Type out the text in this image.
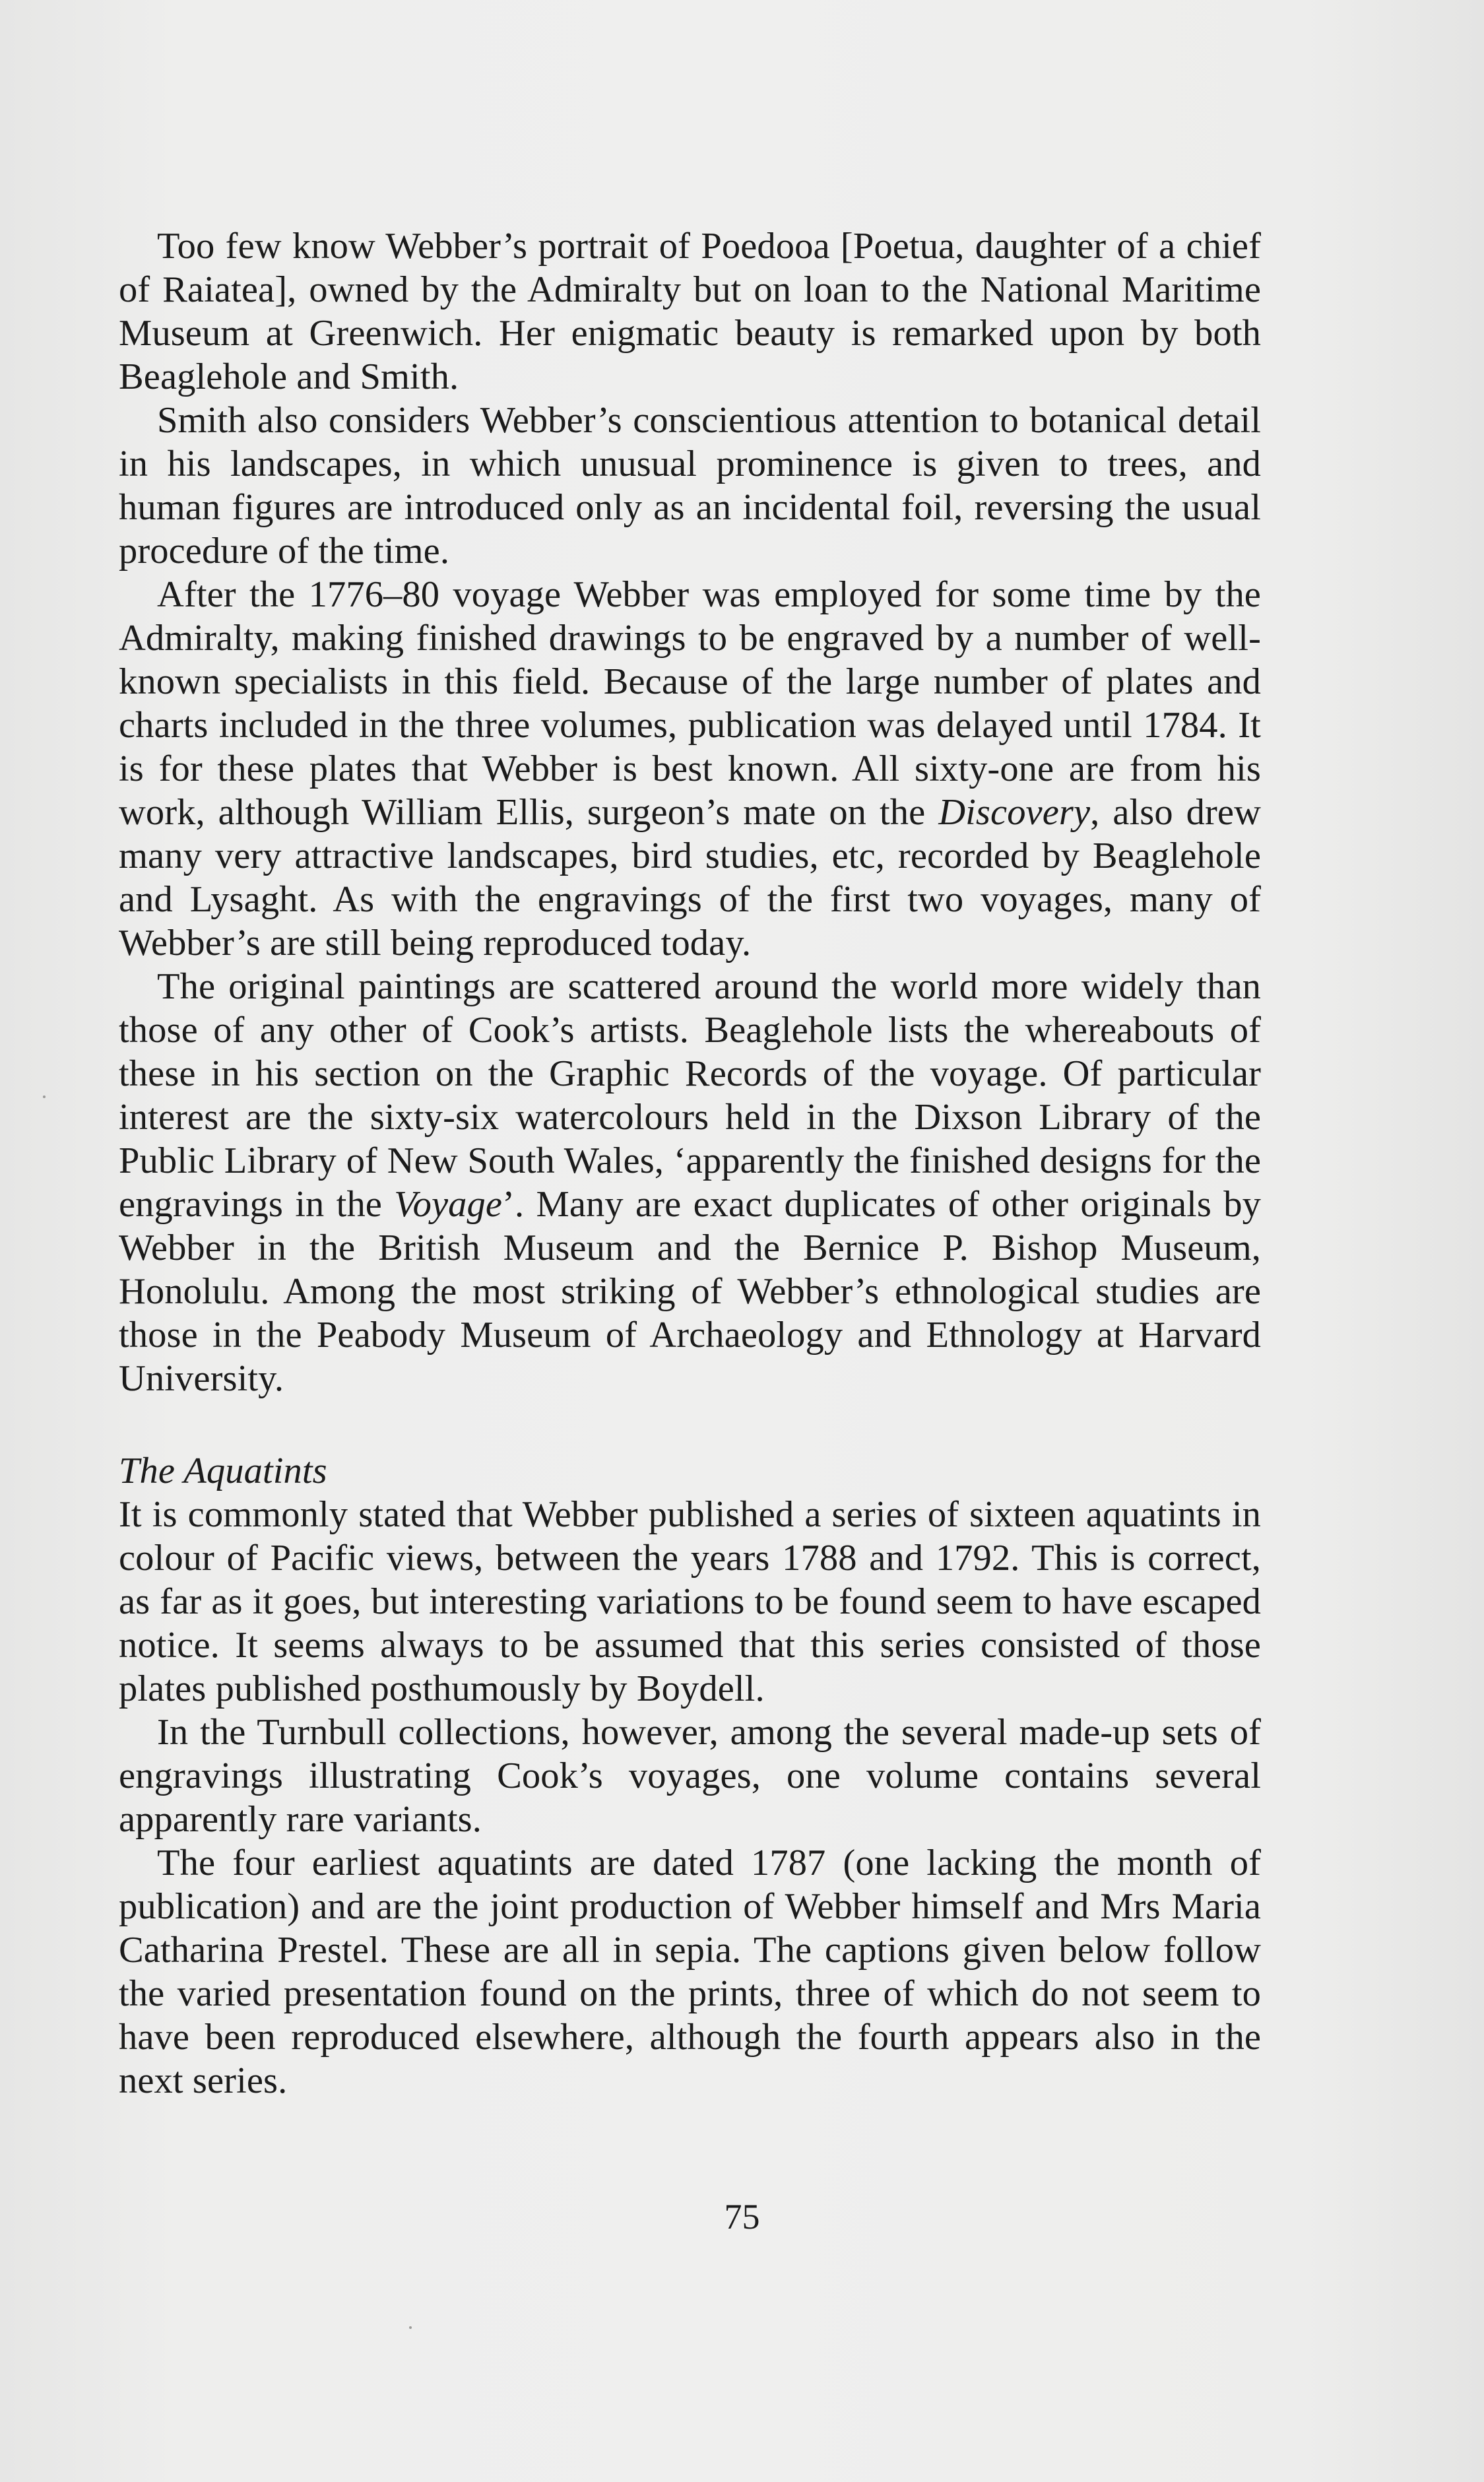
Too few know Webber’s portrait of Poedooa [Poetua, daughter of a chief of Raiatea], owned by the Admiralty but on loan to the National Maritime Museum at Greenwich. Her enigmatic beauty is remarked upon by both Beaglehole and Smith.

Smith also considers Webber’s conscientious attention to botanical detail in his landscapes, in which unusual prominence is given to trees, and human figures are introduced only as an incidental foil, reversing the usual procedure of the time.

After the 1776–80 voyage Webber was employed for some time by the Admiralty, making finished drawings to be engraved by a number of well-known specialists in this field. Because of the large number of plates and charts included in the three volumes, publication was delayed until 1784. It is for these plates that Webber is best known. All sixty-one are from his work, although William Ellis, surgeon’s mate on the Discovery, also drew many very attractive landscapes, bird studies, etc, recorded by Beaglehole and Lysaght. As with the engravings of the first two voyages, many of Webber’s are still being reproduced today.

The original paintings are scattered around the world more widely than those of any other of Cook’s artists. Beaglehole lists the whereabouts of these in his section on the Graphic Records of the voyage. Of particular interest are the sixty-six watercolours held in the Dixson Library of the Public Library of New South Wales, ‘apparently the finished designs for the engravings in the Voyage’. Many are exact duplicates of other originals by Webber in the British Museum and the Bernice P. Bishop Museum, Honolulu. Among the most striking of Webber’s ethnological studies are those in the Peabody Museum of Archaeology and Ethnology at Harvard University.

The Aquatints

It is commonly stated that Webber published a series of sixteen aquatints in colour of Pacific views, between the years 1788 and 1792. This is correct, as far as it goes, but interesting variations to be found seem to have escaped notice. It seems always to be assumed that this series consisted of those plates published posthumously by Boydell.

In the Turnbull collections, however, among the several made-up sets of engravings illustrating Cook’s voyages, one volume contains several apparently rare variants.

The four earliest aquatints are dated 1787 (one lacking the month of publication) and are the joint production of Webber himself and Mrs Maria Catharina Prestel. These are all in sepia. The captions given below follow the varied presentation found on the prints, three of which do not seem to have been reproduced elsewhere, although the fourth appears also in the next series.

75
